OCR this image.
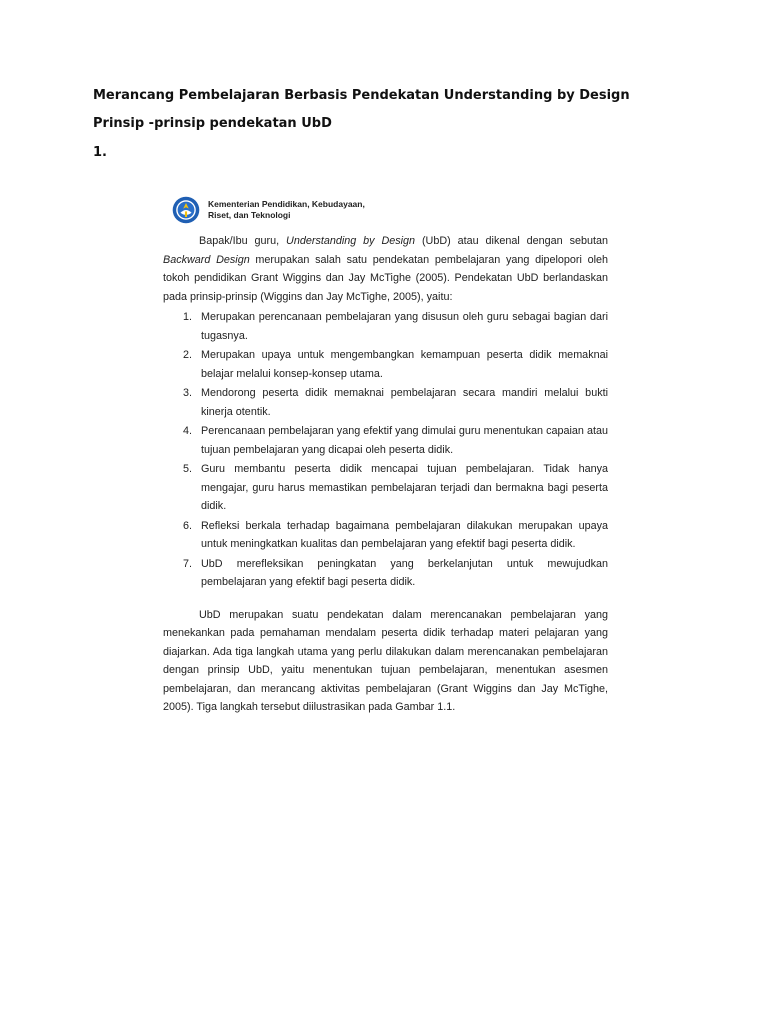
Merancang Pembelajaran Berbasis Pendekatan Understanding by Design
Prinsip -prinsip pendekatan UbD
1.
Kementerian Pendidikan, Kebudayaan,
Riset, dan Teknologi

Bapak/Ibu guru, Understanding by Design (UbD) atau dikenal dengan sebutan Backward Design merupakan salah satu pendekatan pembelajaran yang dipelopori oleh tokoh pendidikan Grant Wiggins dan Jay McTighe (2005). Pendekatan UbD berlandaskan pada prinsip-prinsip (Wiggins dan Jay McTighe, 2005), yaitu:

1. Merupakan perencanaan pembelajaran yang disusun oleh guru sebagai bagian dari tugasnya.
2. Merupakan upaya untuk mengembangkan kemampuan peserta didik memaknai belajar melalui konsep-konsep utama.
3. Mendorong peserta didik memaknai pembelajaran secara mandiri melalui bukti kinerja otentik.
4. Perencanaan pembelajaran yang efektif yang dimulai guru menentukan capaian atau tujuan pembelajaran yang dicapai oleh peserta didik.
5. Guru membantu peserta didik mencapai tujuan pembelajaran. Tidak hanya mengajar, guru harus memastikan pembelajaran terjadi dan bermakna bagi peserta didik.
6. Refleksi berkala terhadap bagaimana pembelajaran dilakukan merupakan upaya untuk meningkatkan kualitas dan pembelajaran yang efektif bagi peserta didik.
7. UbD merefleksikan peningkatan yang berkelanjutan untuk mewujudkan pembelajaran yang efektif bagi peserta didik.

UbD merupakan suatu pendekatan dalam merencanakan pembelajaran yang menekankan pada pemahaman mendalam peserta didik terhadap materi pelajaran yang diajarkan. Ada tiga langkah utama yang perlu dilakukan dalam merencanakan pembelajaran dengan prinsip UbD, yaitu menentukan tujuan pembelajaran, menentukan asesmen pembelajaran, dan merancang aktivitas pembelajaran (Grant Wiggins dan Jay McTighe, 2005). Tiga langkah tersebut diilustrasikan pada Gambar 1.1.
